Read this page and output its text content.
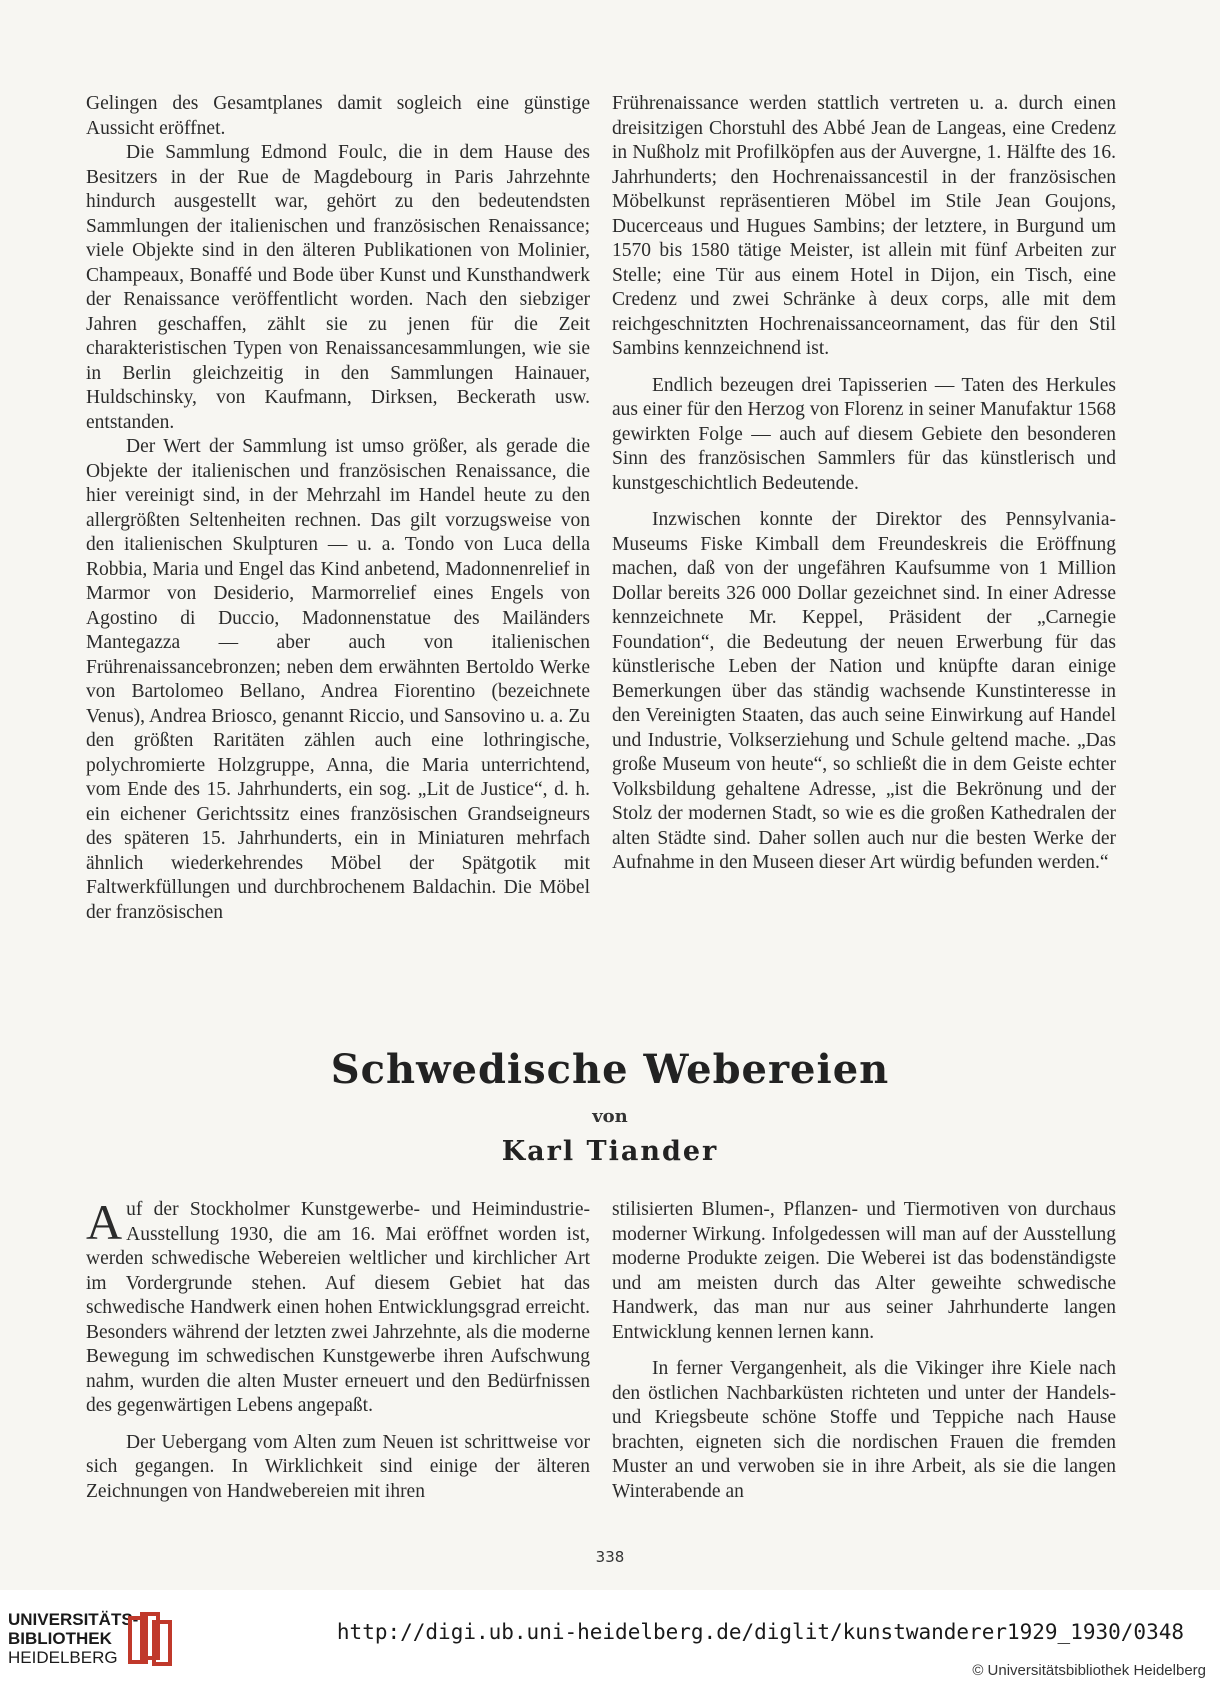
Gelingen des Gesamtplanes damit sogleich eine günstige Aussicht eröffnet.

Die Sammlung Edmond Foulc, die in dem Hause des Besitzers in der Rue de Magdebourg in Paris Jahrzehnte hindurch ausgestellt war, gehört zu den bedeutendsten Sammlungen der italienischen und französischen Renaissance; viele Objekte sind in den älteren Publikationen von Molinier, Champeaux, Bonaffé und Bode über Kunst und Kunsthandwerk der Renaissance veröffentlicht worden. Nach den siebziger Jahren geschaffen, zählt sie zu jenen für die Zeit charakteristischen Typen von Renaissancesammlungen, wie sie in Berlin gleichzeitig in den Sammlungen Hainauer, Huldschinsky, von Kaufmann, Dirksen, Beckerath usw. entstanden.

Der Wert der Sammlung ist umso größer, als gerade die Objekte der italienischen und französischen Renaissance, die hier vereinigt sind, in der Mehrzahl im Handel heute zu den allergrößten Seltenheiten rechnen. Das gilt vorzugsweise von den italienischen Skulpturen — u. a. Tondo von Luca della Robbia, Maria und Engel das Kind anbetend, Madonnenrelief in Marmor von Desiderio, Marmorrelief eines Engels von Agostino di Duccio, Madonnenstatue des Mailänders Mantegazza — aber auch von italienischen Frührenaissancebronzen; neben dem erwähnten Bertoldo Werke von Bartolomeo Bellano, Andrea Fiorentino (bezeichnete Venus), Andrea Briosco, genannt Riccio, und Sansovino u. a. Zu den größten Raritäten zählen auch eine lothringische, polychromierte Holzgruppe, Anna, die Maria unterrichtend, vom Ende des 15. Jahrhunderts, ein sog. „Lit de Justice“, d. h. ein eichener Gerichtssitz eines französischen Grandseigneurs des späteren 15. Jahrhunderts, ein in Miniaturen mehrfach ähnlich wiederkehrendes Möbel der Spätgotik mit Faltwerkfüllungen und durchbrochenem Baldachin. Die Möbel der französischen

Frührenaissance werden stattlich vertreten u. a. durch einen dreisitzigen Chorstuhl des Abbé Jean de Langeas, eine Credenz in Nußholz mit Profilköpfen aus der Auvergne, 1. Hälfte des 16. Jahrhunderts; den Hochrenaissancestil in der französischen Möbelkunst repräsentieren Möbel im Stile Jean Goujons, Ducerceaus und Hugues Sambins; der letztere, in Burgund um 1570 bis 1580 tätige Meister, ist allein mit fünf Arbeiten zur Stelle; eine Tür aus einem Hotel in Dijon, ein Tisch, eine Credenz und zwei Schränke à deux corps, alle mit dem reichgeschnitzten Hochrenaissanceornament, das für den Stil Sambins kennzeichnend ist.

Endlich bezeugen drei Tapisserien — Taten des Herkules aus einer für den Herzog von Florenz in seiner Manufaktur 1568 gewirkten Folge — auch auf diesem Gebiete den besonderen Sinn des französischen Sammlers für das künstlerisch und kunstgeschichtlich Bedeutende.

Inzwischen konnte der Direktor des Pennsylvania-Museums Fiske Kimball dem Freundeskreis die Eröffnung machen, daß von der ungefähren Kaufsumme von 1 Million Dollar bereits 326 000 Dollar gezeichnet sind. In einer Adresse kennzeichnete Mr. Keppel, Präsident der „Carnegie Foundation“, die Bedeutung der neuen Erwerbung für das künstlerische Leben der Nation und knüpfte daran einige Bemerkungen über das ständig wachsende Kunstinteresse in den Vereinigten Staaten, das auch seine Einwirkung auf Handel und Industrie, Volkserziehung und Schule geltend mache. „Das große Museum von heute“, so schließt die in dem Geiste echter Volksbildung gehaltene Adresse, „ist die Bekrönung und der Stolz der modernen Stadt, so wie es die großen Kathedralen der alten Städte sind. Daher sollen auch nur die besten Werke der Aufnahme in den Museen dieser Art würdig befunden werden.“

Schwedische Webereien
von
Karl Tiander

Auf der Stockholmer Kunstgewerbe- und Heimindustrie-Ausstellung 1930, die am 16. Mai eröffnet worden ist, werden schwedische Webereien weltlicher und kirchlicher Art im Vordergrunde stehen. Auf diesem Gebiet hat das schwedische Handwerk einen hohen Entwicklungsgrad erreicht. Besonders während der letzten zwei Jahrzehnte, als die moderne Bewegung im schwedischen Kunstgewerbe ihren Aufschwung nahm, wurden die alten Muster erneuert und den Bedürfnissen des gegenwärtigen Lebens angepaßt.

Der Uebergang vom Alten zum Neuen ist schrittweise vor sich gegangen. In Wirklichkeit sind einige der älteren Zeichnungen von Handwebereien mit ihren

stilisierten Blumen-, Pflanzen- und Tiermotiven von durchaus moderner Wirkung. Infolgedessen will man auf der Ausstellung moderne Produkte zeigen. Die Weberei ist das bodenständigste und am meisten durch das Alter geweihte schwedische Handwerk, das man nur aus seiner Jahrhunderte langen Entwicklung kennen lernen kann.

In ferner Vergangenheit, als die Vikinger ihre Kiele nach den östlichen Nachbarküsten richteten und unter der Handels- und Kriegsbeute schöne Stoffe und Teppiche nach Hause brachten, eigneten sich die nordischen Frauen die fremden Muster an und verwoben sie in ihre Arbeit, als sie die langen Winterabende an

338
UNIVERSITÄTS-
BIBLIOTHEK
HEIDELBERG
http://digi.ub.uni-heidelberg.de/diglit/kunstwanderer1929_1930/0348
© Universitätsbibliothek Heidelberg
